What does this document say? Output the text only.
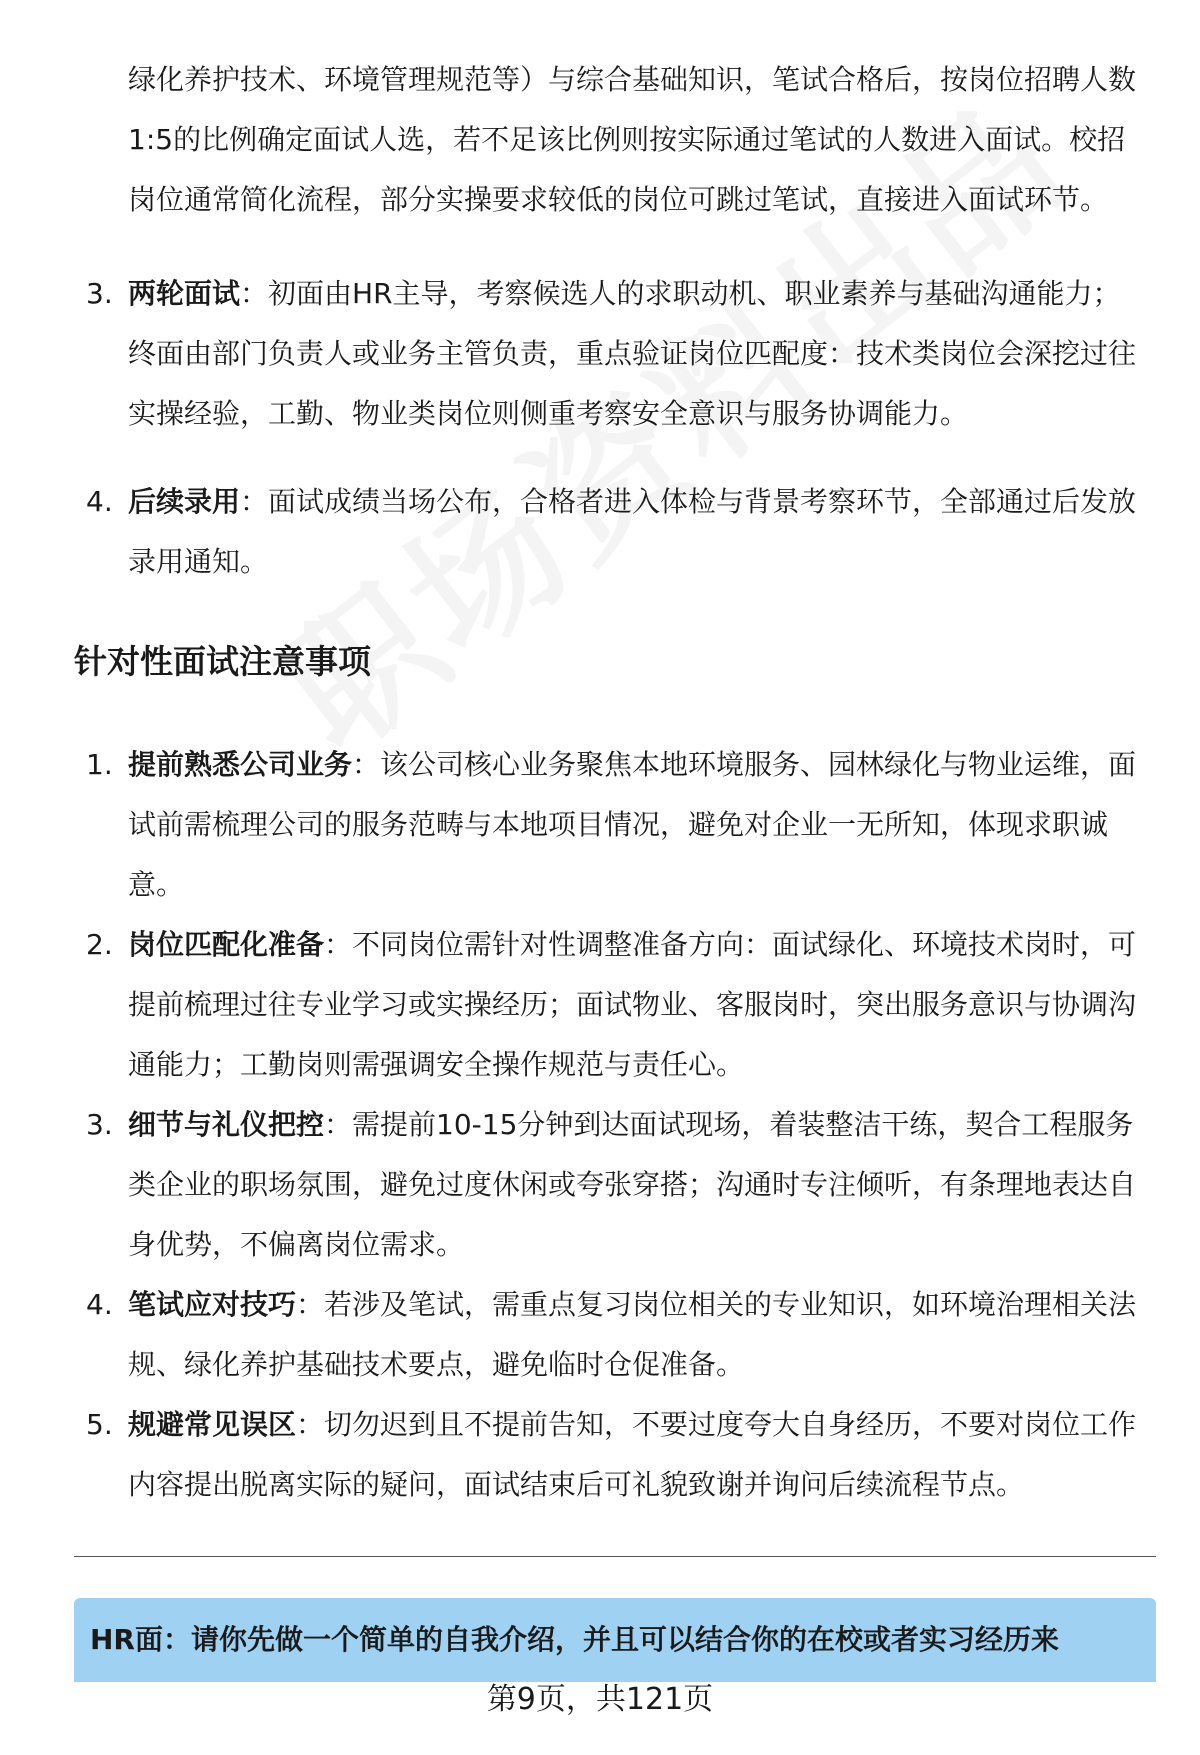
绿化养护技术、环境管理规范等）与综合基础知识，笔试合格后，按岗位招聘人数1:5的比例确定面试人选，若不足该比例则按实际通过笔试的人数进入面试。校招岗位通常简化流程，部分实操要求较低的岗位可跳过笔试，直接进入面试环节。
3. 两轮面试：初面由HR主导，考察候选人的求职动机、职业素养与基础沟通能力；终面由部门负责人或业务主管负责，重点验证岗位匹配度：技术类岗位会深挖过往实操经验，工勤、物业类岗位则侧重考察安全意识与服务协调能力。
4. 后续录用：面试成绩当场公布，合格者进入体检与背景考察环节，全部通过后发放录用通知。
针对性面试注意事项
1. 提前熟悉公司业务：该公司核心业务聚焦本地环境服务、园林绿化与物业运维，面试前需梳理公司的服务范畴与本地项目情况，避免对企业一无所知，体现求职诚意。
2. 岗位匹配化准备：不同岗位需针对性调整准备方向：面试绿化、环境技术岗时，可提前梳理过往专业学习或实操经历；面试物业、客服岗时，突出服务意识与协调沟通能力；工勤岗则需强调安全操作规范与责任心。
3. 细节与礼仪把控：需提前10-15分钟到达面试现场，着装整洁干练，契合工程服务类企业的职场氛围，避免过度休闲或夸张穿搭；沟通时专注倾听，有条理地表达自身优势，不偏离岗位需求。
4. 笔试应对技巧：若涉及笔试，需重点复习岗位相关的专业知识，如环境治理相关法规、绿化养护基础技术要点，避免临时仓促准备。
5. 规避常见误区：切勿迟到且不提前告知，不要过度夸大自身经历，不要对岗位工作内容提出脱离实际的疑问，面试结束后可礼貌致谢并询问后续流程节点。
HR面：请你先做一个简单的自我介绍，并且可以结合你的在校或者实习经历来
第9页，共121页
